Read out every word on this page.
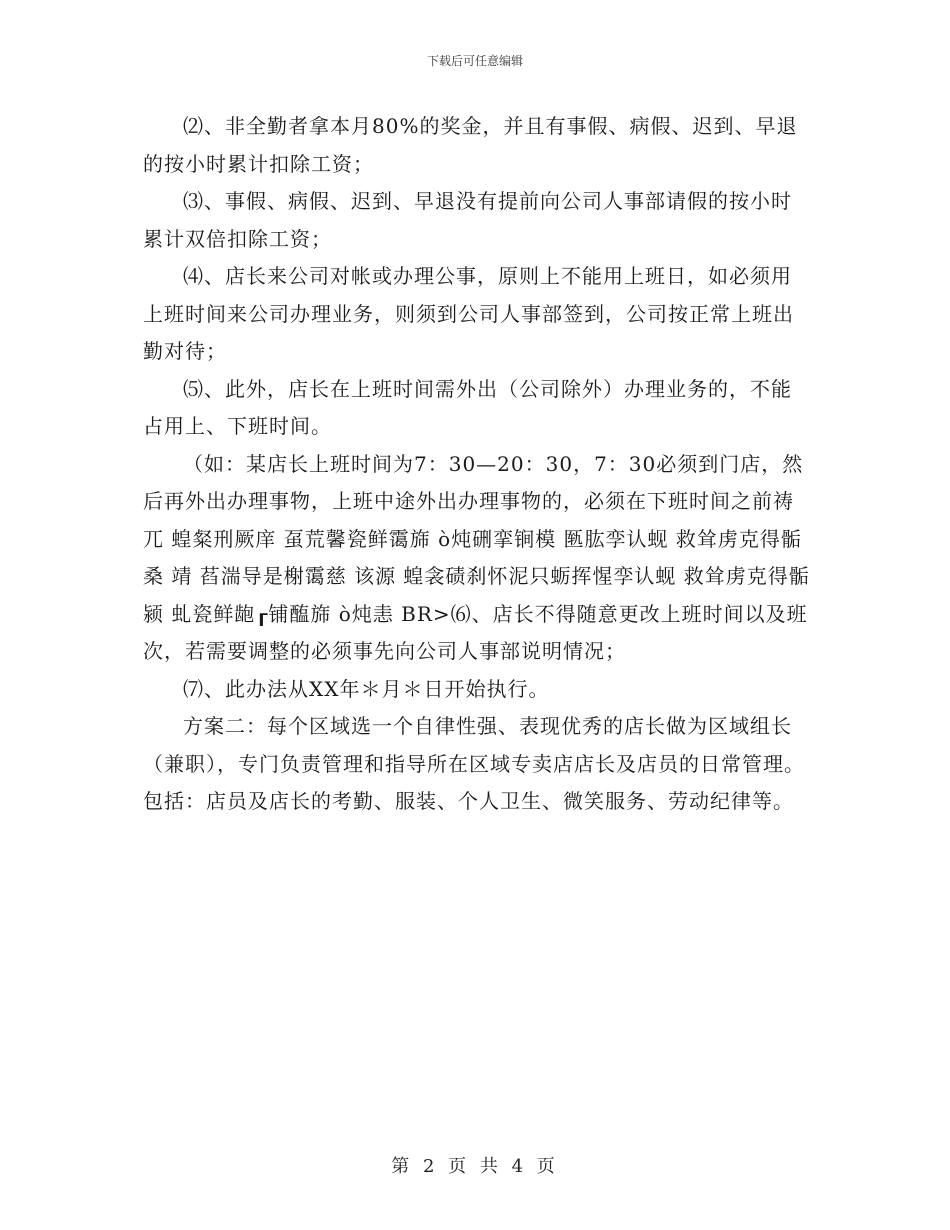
下载后可任意编辑

⑵、非全勤者拿本月80%的奖金，并且有事假、病假、迟到、早退的按小时累计扣除工资；

⑶、事假、病假、迟到、早退没有提前向公司人事部请假的按小时累计双倍扣除工资；

⑷、店长来公司对帐或办理公事，原则上不能用上班日，如必须用上班时间来公司办理业务，则须到公司人事部签到，公司按正常上班出勤对待；

⑸、此外，店长在上班时间需外出（公司除外）办理业务的，不能占用上、下班时间。

（如：某店长上班时间为7：30—20：30，7：30必须到门店，然后再外出办理事物，上班中途外出办理事物的，必须在下班时间之前祷兀 蝗粲刑厥庠 虿荒馨瓷鲜霭旆 ò炖硎挛锏模 匦肱孪认蚬 救耸虏克得骺 桑 靖 萏湍导是榭霭慈 该源 蝗衾碛刹怀泥只蛎挥惺孪认蚬 救耸虏克得骺 颍 虬瓷鲜龅┎铺醢旆 ò炖恚 BR>⑹、店长不得随意更改上班时间以及班次，若需要调整的必须事先向公司人事部说明情况；

⑺、此办法从XX年＊月＊日开始执行。

方案二：每个区域选一个自律性强、表现优秀的店长做为区域组长（兼职），专门负责管理和指导所在区域专卖店店长及店员的日常管理。包括：店员及店长的考勤、服装、个人卫生、微笑服务、劳动纪律等。

第 2 页 共 4 页
